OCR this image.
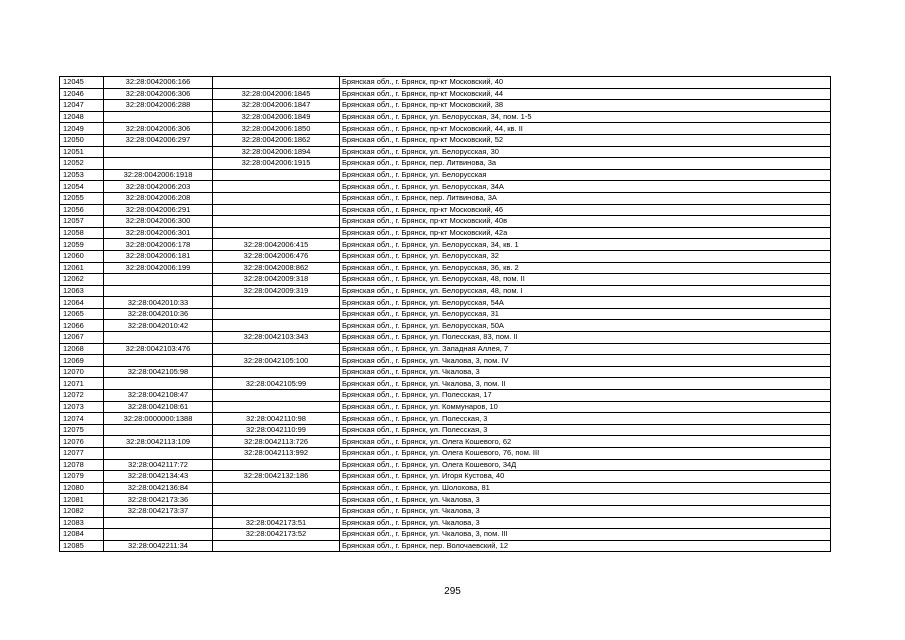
12045	32:28:0042006:166		Брянская обл., г. Брянск, пр-кт Московский, 40
12046	32:28:0042006:306	32:28:0042006:1845	Брянская обл., г. Брянск, пр-кт Московский, 44
12047	32:28:0042006:288	32:28:0042006:1847	Брянская обл., г. Брянск, пр-кт Московский, 38
12048		32:28:0042006:1849	Брянская обл., г. Брянск, ул. Белорусская, 34, пом. 1-5
12049	32:28:0042006:306	32:28:0042006:1850	Брянская обл., г. Брянск, пр-кт Московский, 44, кв. II
12050	32:28:0042006:297	32:28:0042006:1862	Брянская обл., г. Брянск, пр-кт Московский, 52
12051		32:28:0042006:1894	Брянская обл., г. Брянск, ул. Белорусская, 30
12052		32:28:0042006:1915	Брянская обл., г. Брянск, пер. Литвинова, 3а
12053	32:28:0042006:1918		Брянская обл., г. Брянск, ул. Белорусская
12054	32:28:0042006:203		Брянская обл., г. Брянск, ул. Белорусская, 34А
12055	32:28:0042006:208		Брянская обл., г. Брянск, пер. Литвинова, 3А
12056	32:28:0042006:291		Брянская обл., г. Брянск, пр-кт Московский, 46
12057	32:28:0042006:300		Брянская обл., г. Брянск, пр-кт Московский, 40в
12058	32:28:0042006:301		Брянская обл., г. Брянск, пр-кт Московский, 42а
12059	32:28:0042006:178	32:28:0042006:415	Брянская обл., г. Брянск, ул. Белорусская, 34, кв. 1
12060	32:28:0042006:181	32:28:0042006:476	Брянская обл., г. Брянск, ул. Белорусская, 32
12061	32:28:0042006:199	32:28:0042008:862	Брянская обл., г. Брянск, ул. Белорусская, 36, кв. 2
12062		32:28:0042009:318	Брянская обл., г. Брянск, ул. Белорусская, 48, пом. II
12063		32:28:0042009:319	Брянская обл., г. Брянск, ул. Белорусская, 48, пом. I
12064	32:28:0042010:33		Брянская обл., г. Брянск, ул. Белорусская, 54А
12065	32:28:0042010:36		Брянская обл., г. Брянск, ул. Белорусская, 31
12066	32:28:0042010:42		Брянская обл., г. Брянск, ул. Белорусская, 50А
12067		32:28:0042103:343	Брянская обл., г. Брянск, ул. Полесская, 83, пом. II
12068	32:28:0042103:476		Брянская обл., г. Брянск, ул. Западная Аллея, 7
12069		32:28:0042105:100	Брянская обл., г. Брянск, ул. Чкалова, 3, пом. IV
12070	32:28:0042105:98		Брянская обл., г. Брянск, ул. Чкалова, 3
12071		32:28:0042105:99	Брянская обл., г. Брянск, ул. Чкалова, 3, пом. II
12072	32:28:0042108:47		Брянская обл., г. Брянск, ул. Полесская, 17
12073	32:28:0042108:61		Брянская обл., г. Брянск, ул. Коммунаров, 10
12074	32:28:0000000:1388	32:28:0042110:98	Брянская обл., г. Брянск, ул. Полесская, 3
12075		32:28:0042110:99	Брянская обл., г. Брянск, ул. Полесская, 3
12076	32:28:0042113:109	32:28:0042113:726	Брянская обл., г. Брянск, ул. Олега Кошевого, 62
12077		32:28:0042113:992	Брянская обл., г. Брянск, ул. Олега Кошевого, 76, пом. III
12078	32:28:0042117:72		Брянская обл., г. Брянск, ул. Олега Кошевого, 34Д
12079	32:28:0042134:43	32:28:0042132:186	Брянская обл., г. Брянск, ул. Игоря Кустова, 40
12080	32:28:0042136:84		Брянская обл., г. Брянск, ул. Шолохова, 81
12081	32:28:0042173:36		Брянская обл., г. Брянск, ул. Чкалова, 3
12082	32:28:0042173:37		Брянская обл., г. Брянск, ул. Чкалова, 3
12083		32:28:0042173:51	Брянская обл., г. Брянск, ул. Чкалова, 3
12084		32:28:0042173:52	Брянская обл., г. Брянск, ул. Чкалова, 3, пом. III
12085	32:28:0042211:34		Брянская обл., г. Брянск, пер. Волочаевский, 12
295
